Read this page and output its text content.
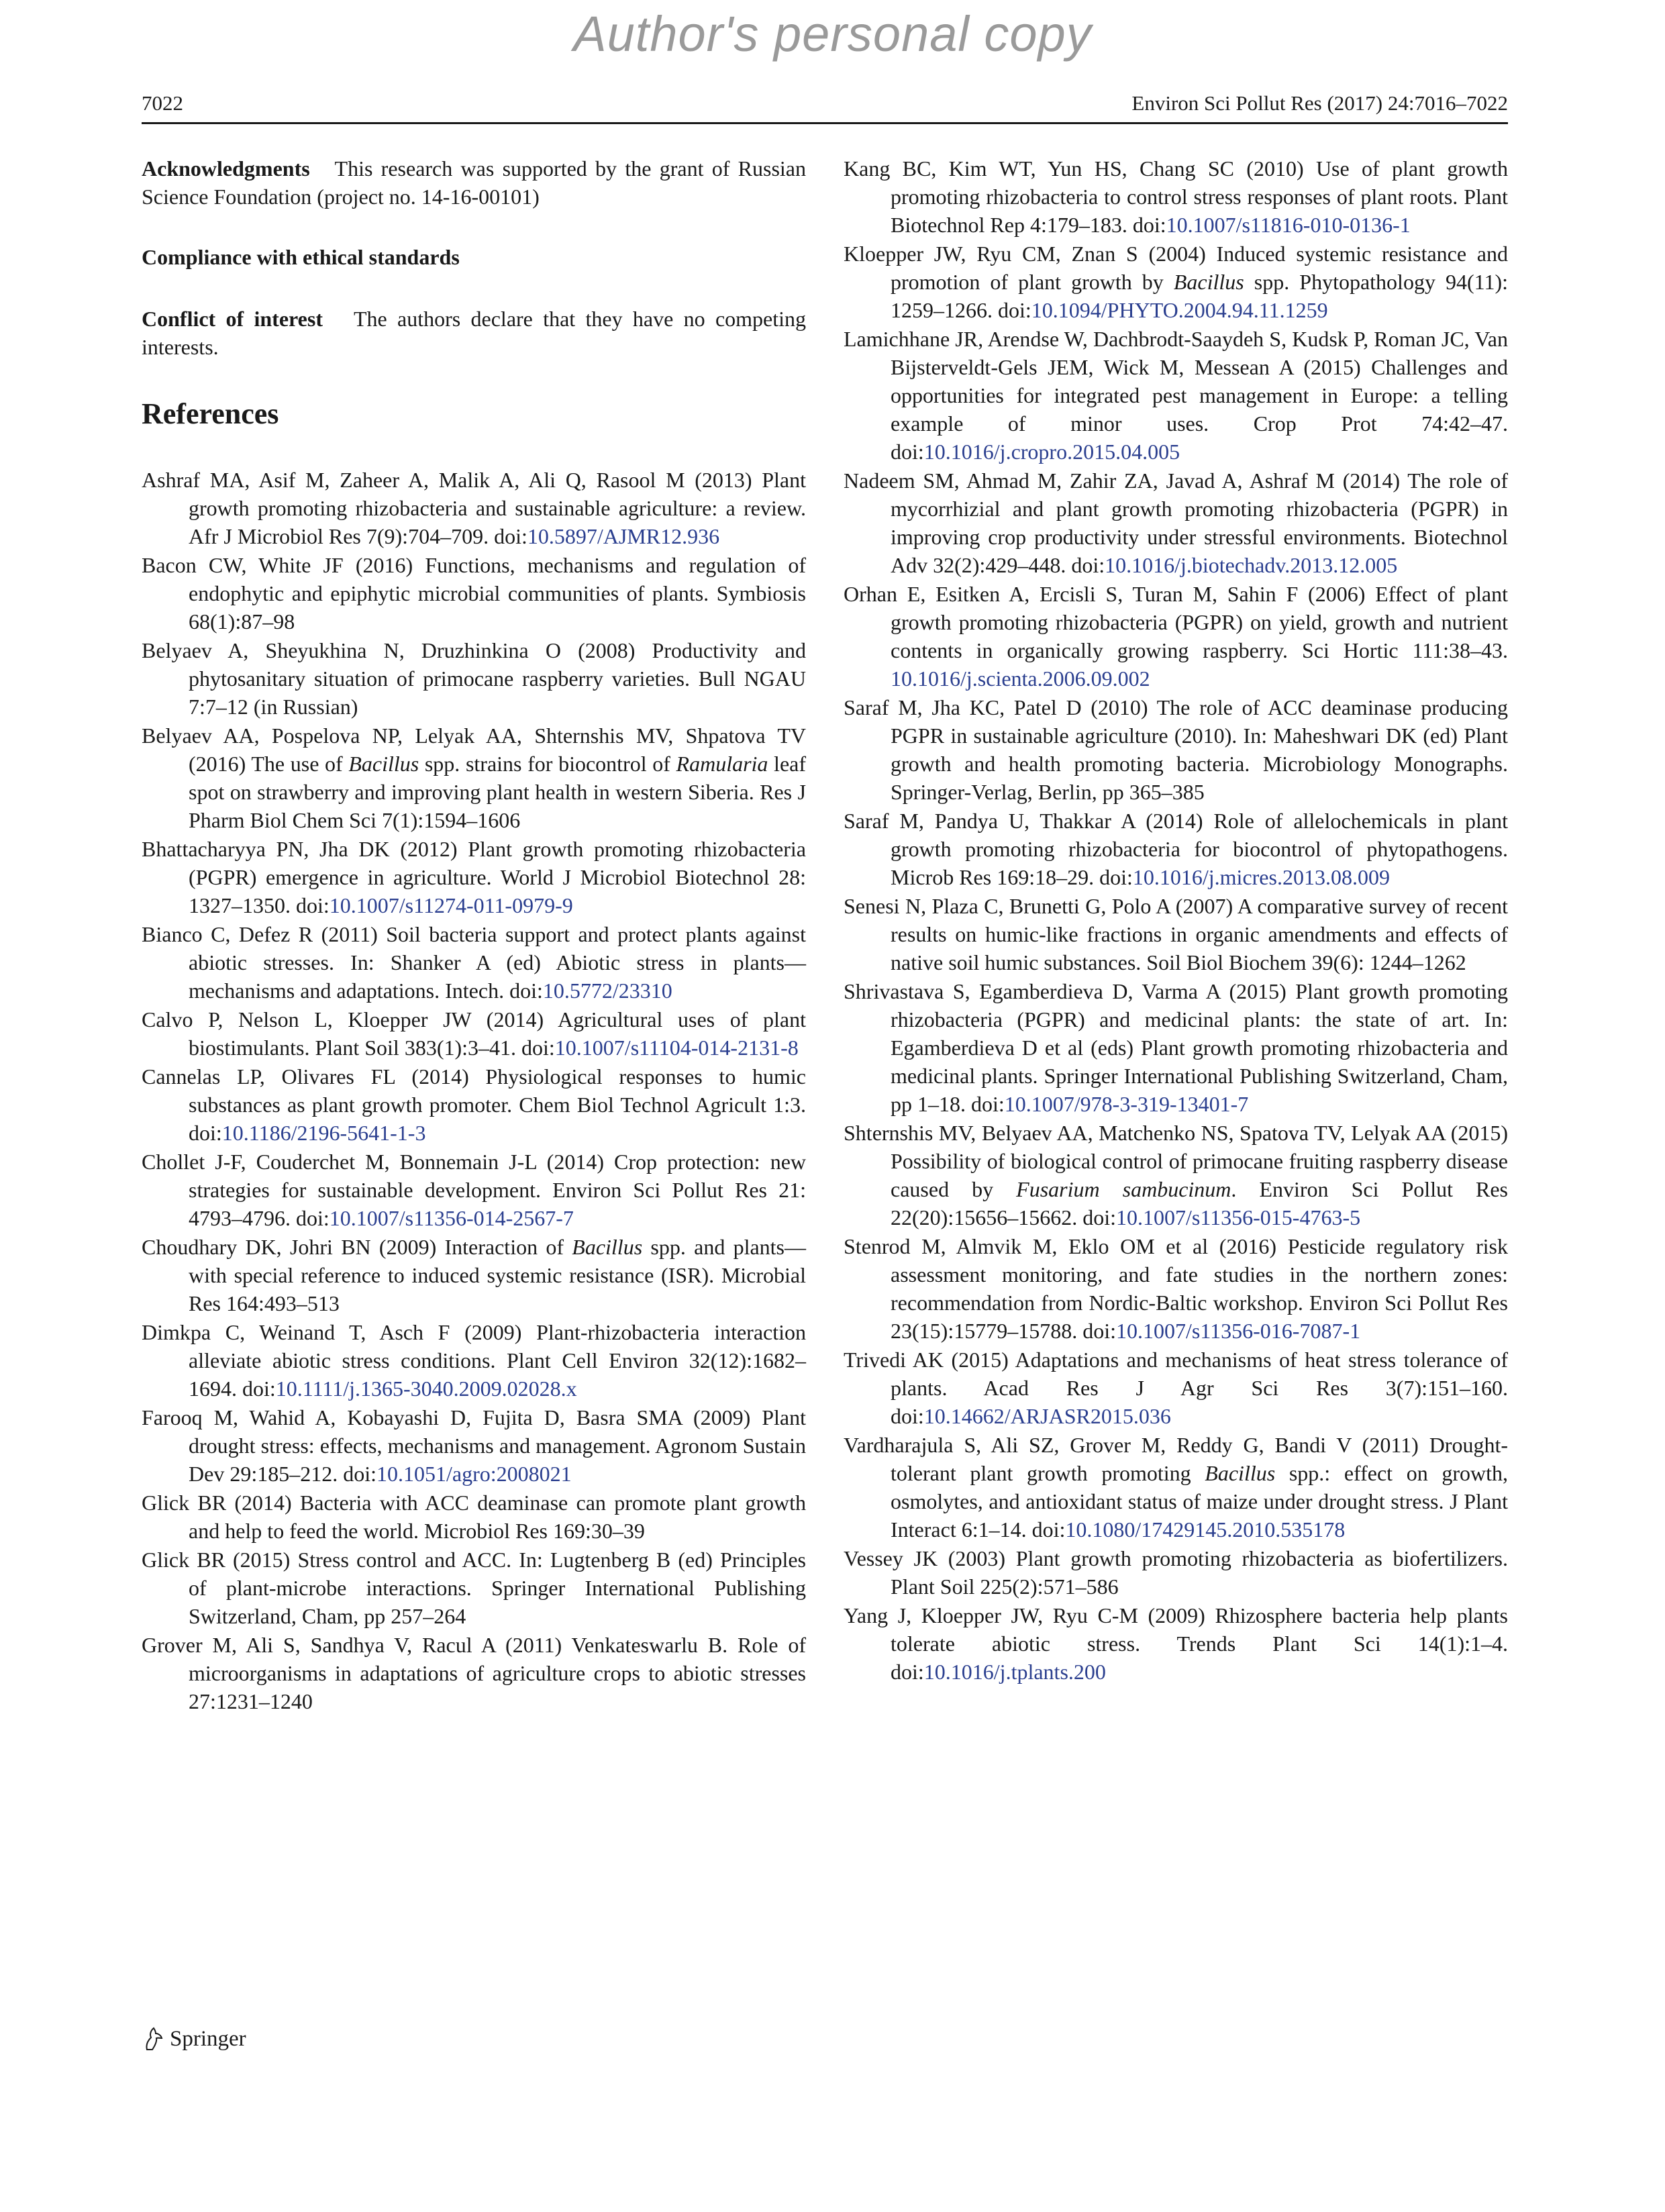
Author's personal copy
7022	Environ Sci Pollut Res (2017) 24:7016–7022

Acknowledgments This research was supported by the grant of Russian Science Foundation (project no. 14-16-00101)

Compliance with ethical standards

Conflict of interest The authors declare that they have no competing interests.

References

Ashraf MA, Asif M, Zaheer A, Malik A, Ali Q, Rasool M (2013) Plant growth promoting rhizobacteria and sustainable agriculture: a review. Afr J Microbiol Res 7(9):704–709. doi:10.5897/AJMR12.936

Bacon CW, White JF (2016) Functions, mechanisms and regulation of endophytic and epiphytic microbial communities of plants. Symbiosis 68(1):87–98

Belyaev A, Sheyukhina N, Druzhinkina O (2008) Productivity and phytosanitary situation of primocane raspberry varieties. Bull NGAU 7:7–12 (in Russian)

Belyaev AA, Pospelova NP, Lelyak AA, Shternshis MV, Shpatova TV (2016) The use of Bacillus spp. strains for biocontrol of Ramularia leaf spot on strawberry and improving plant health in western Siberia. Res J Pharm Biol Chem Sci 7(1):1594–1606

Bhattacharyya PN, Jha DK (2012) Plant growth promoting rhizobacteria (PGPR) emergence in agriculture. World J Microbiol Biotechnol 28: 1327–1350. doi:10.1007/s11274-011-0979-9

Bianco C, Defez R (2011) Soil bacteria support and protect plants against abiotic stresses. In: Shanker A (ed) Abiotic stress in plants—mechanisms and adaptations. Intech. doi:10.5772/23310

Calvo P, Nelson L, Kloepper JW (2014) Agricultural uses of plant biostimulants. Plant Soil 383(1):3–41. doi:10.1007/s11104-014-2131-8

Cannelas LP, Olivares FL (2014) Physiological responses to humic substances as plant growth promoter. Chem Biol Technol Agricult 1:3. doi:10.1186/2196-5641-1-3

Chollet J-F, Couderchet M, Bonnemain J-L (2014) Crop protection: new strategies for sustainable development. Environ Sci Pollut Res 21: 4793–4796. doi:10.1007/s11356-014-2567-7

Choudhary DK, Johri BN (2009) Interaction of Bacillus spp. and plants—with special reference to induced systemic resistance (ISR). Microbial Res 164:493–513

Dimkpa C, Weinand T, Asch F (2009) Plant-rhizobacteria interaction alleviate abiotic stress conditions. Plant Cell Environ 32(12):1682–1694. doi:10.1111/j.1365-3040.2009.02028.x

Farooq M, Wahid A, Kobayashi D, Fujita D, Basra SMA (2009) Plant drought stress: effects, mechanisms and management. Agronom Sustain Dev 29:185–212. doi:10.1051/agro:2008021

Glick BR (2014) Bacteria with ACC deaminase can promote plant growth and help to feed the world. Microbiol Res 169:30–39

Glick BR (2015) Stress control and ACC. In: Lugtenberg B (ed) Principles of plant-microbe interactions. Springer International Publishing Switzerland, Cham, pp 257–264

Grover M, Ali S, Sandhya V, Racul A (2011) Venkateswarlu B. Role of microorganisms in adaptations of agriculture crops to abiotic stresses 27:1231–1240

Kang BC, Kim WT, Yun HS, Chang SC (2010) Use of plant growth promoting rhizobacteria to control stress responses of plant roots. Plant Biotechnol Rep 4:179–183. doi:10.1007/s11816-010-0136-1

Kloepper JW, Ryu CM, Znan S (2004) Induced systemic resistance and promotion of plant growth by Bacillus spp. Phytopathology 94(11): 1259–1266. doi:10.1094/PHYTO.2004.94.11.1259

Lamichhane JR, Arendse W, Dachbrodt-Saaydeh S, Kudsk P, Roman JC, Van Bijsterveldt-Gels JEM, Wick M, Messean A (2015) Challenges and opportunities for integrated pest management in Europe: a telling example of minor uses. Crop Prot 74:42–47. doi:10.1016/j.cropro.2015.04.005

Nadeem SM, Ahmad M, Zahir ZA, Javad A, Ashraf M (2014) The role of mycorrhizial and plant growth promoting rhizobacteria (PGPR) in improving crop productivity under stressful environments. Biotechnol Adv 32(2):429–448. doi:10.1016/j.biotechadv.2013.12.005

Orhan E, Esitken A, Ercisli S, Turan M, Sahin F (2006) Effect of plant growth promoting rhizobacteria (PGPR) on yield, growth and nutrient contents in organically growing raspberry. Sci Hortic 111:38–43. 10.1016/j.scienta.2006.09.002

Saraf M, Jha KC, Patel D (2010) The role of ACC deaminase producing PGPR in sustainable agriculture (2010). In: Maheshwari DK (ed) Plant growth and health promoting bacteria. Microbiology Monographs. Springer-Verlag, Berlin, pp 365–385

Saraf M, Pandya U, Thakkar A (2014) Role of allelochemicals in plant growth promoting rhizobacteria for biocontrol of phytopathogens. Microb Res 169:18–29. doi:10.1016/j.micres.2013.08.009

Senesi N, Plaza C, Brunetti G, Polo A (2007) A comparative survey of recent results on humic-like fractions in organic amendments and effects of native soil humic substances. Soil Biol Biochem 39(6): 1244–1262

Shrivastava S, Egamberdieva D, Varma A (2015) Plant growth promoting rhizobacteria (PGPR) and medicinal plants: the state of art. In: Egamberdieva D et al (eds) Plant growth promoting rhizobacteria and medicinal plants. Springer International Publishing Switzerland, Cham, pp 1–18. doi:10.1007/978-3-319-13401-7

Shternshis MV, Belyaev AA, Matchenko NS, Spatova TV, Lelyak AA (2015) Possibility of biological control of primocane fruiting raspberry disease caused by Fusarium sambucinum. Environ Sci Pollut Res 22(20):15656–15662. doi:10.1007/s11356-015-4763-5

Stenrod M, Almvik M, Eklo OM et al (2016) Pesticide regulatory risk assessment monitoring, and fate studies in the northern zones: recommendation from Nordic-Baltic workshop. Environ Sci Pollut Res 23(15):15779–15788. doi:10.1007/s11356-016-7087-1

Trivedi AK (2015) Adaptations and mechanisms of heat stress tolerance of plants. Acad Res J Agr Sci Res 3(7):151–160. doi:10.14662/ARJASR2015.036

Vardharajula S, Ali SZ, Grover M, Reddy G, Bandi V (2011) Drought-tolerant plant growth promoting Bacillus spp.: effect on growth, osmolytes, and antioxidant status of maize under drought stress. J Plant Interact 6:1–14. doi:10.1080/17429145.2010.535178

Vessey JK (2003) Plant growth promoting rhizobacteria as biofertilizers. Plant Soil 225(2):571–586

Yang J, Kloepper JW, Ryu C-M (2009) Rhizosphere bacteria help plants tolerate abiotic stress. Trends Plant Sci 14(1):1–4. doi:10.1016/j.tplants.200

Springer
